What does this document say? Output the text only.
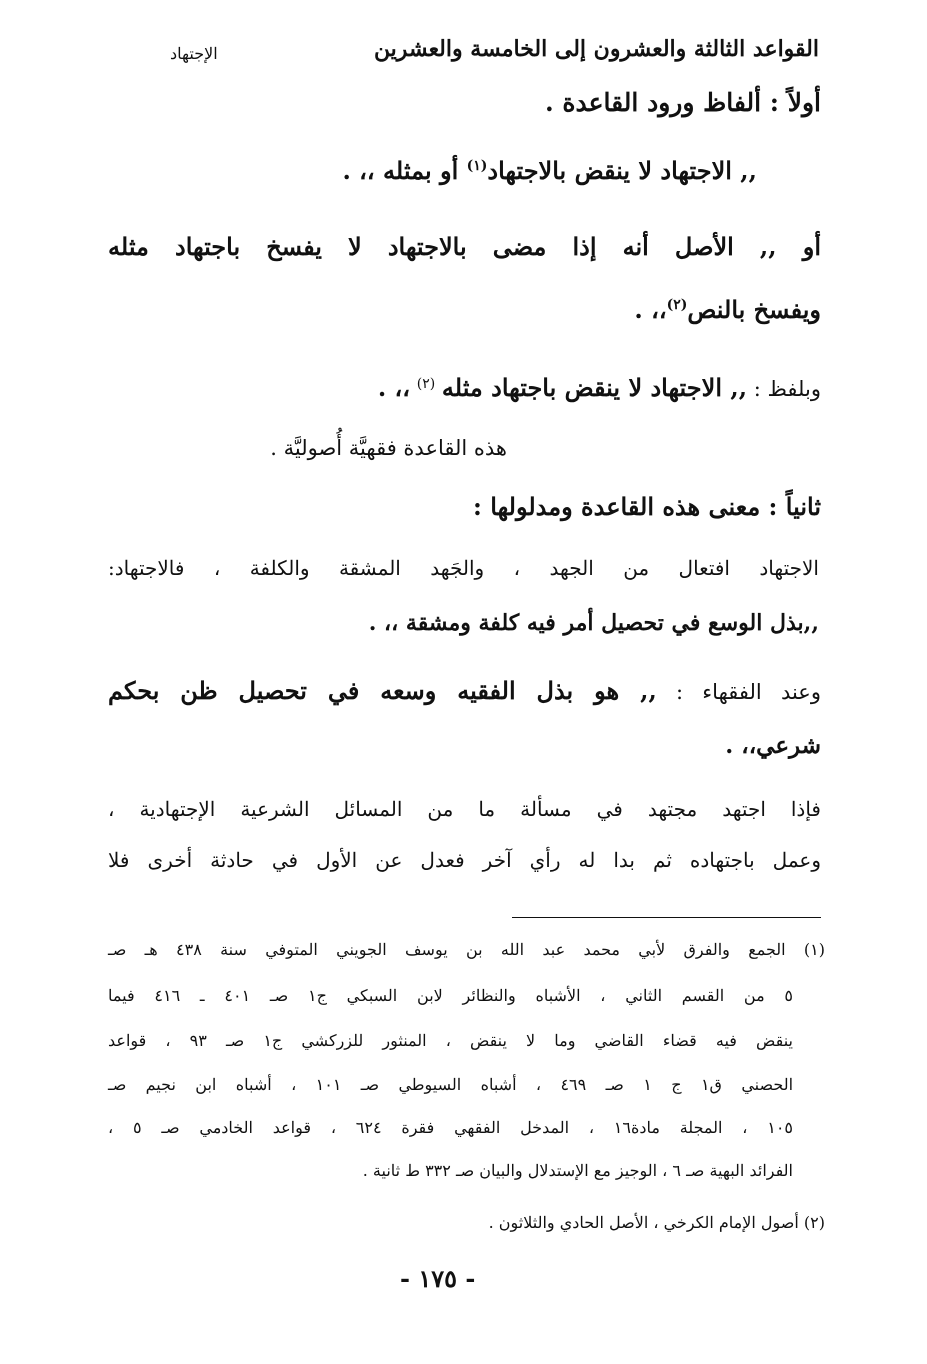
القواعد الثالثة والعشرون إلى الخامسة والعشرين
الإجتهاد
أولاً : ألفاظ ورود القاعدة .
,, الاجتهاد لا ينقض بالاجتهاد$^{(١)}$ أو بمثله ،، .
أو ,, الأصل أنه إذا مضى بالاجتهاد لا يفسخ باجتهاد مثله
ويفسخ بالنص$^{(٢)}$،، .
وبلفظ : ,, الاجتهاد لا ينقض باجتهاد مثله $^{(٢)}$ ،، .
هذه القاعدة فقهيَّة أُصوليَّة .
ثانياً : معنى هذه القاعدة ومدلولها :
الاجتهاد افتعال من الجهد ، والجَهد المشقة والكلفة ، فالاجتهاد:
,,بذل الوسع في تحصيل أمر فيه كلفة ومشقة ،، .
وعند الفقهاء : ,, هو بذل الفقيه وسعه في تحصيل ظن بحكم
شرعي،، .
فإذا اجتهد مجتهد في مسألة ما من المسائل الشرعية الإجتهادية ،
وعمل باجتهاده ثم بدا له رأي آخر فعدل عن الأول في حادثة أخرى فلا
(١) الجمع والفرق لأبي محمد عبد الله بن يوسف الجويني المتوفي سنة ٤٣٨ هـ صـ
٥ من القسم الثاني ، الأشباه والنظائر لابن السبكي ج١ صـ ٤٠١ ـ ٤١٦ فيما
ينقض فيه قضاء القاضي وما لا ينقض ، المنثور للزركشي ج١ صـ ٩٣ ، قواعد
الحصني ق١ ج ١ صـ ٤٦٩ ، أشباه السيوطي صـ ١٠١ ، أشباه ابن نجيم صـ
١٠٥ ، المجلة مادة١٦ ، المدخل الفقهي فقرة ٦٢٤ ، قواعد الخادمي صـ ٥ ،
الفرائد البهية صـ ٦ ، الوجيز مع الإستدلال والبيان صـ ٣٣٢ ط ثانية .
(٢) أصول الإمام الكرخي ، الأصل الحادي والثلاثون .
- ١٧٥ -
